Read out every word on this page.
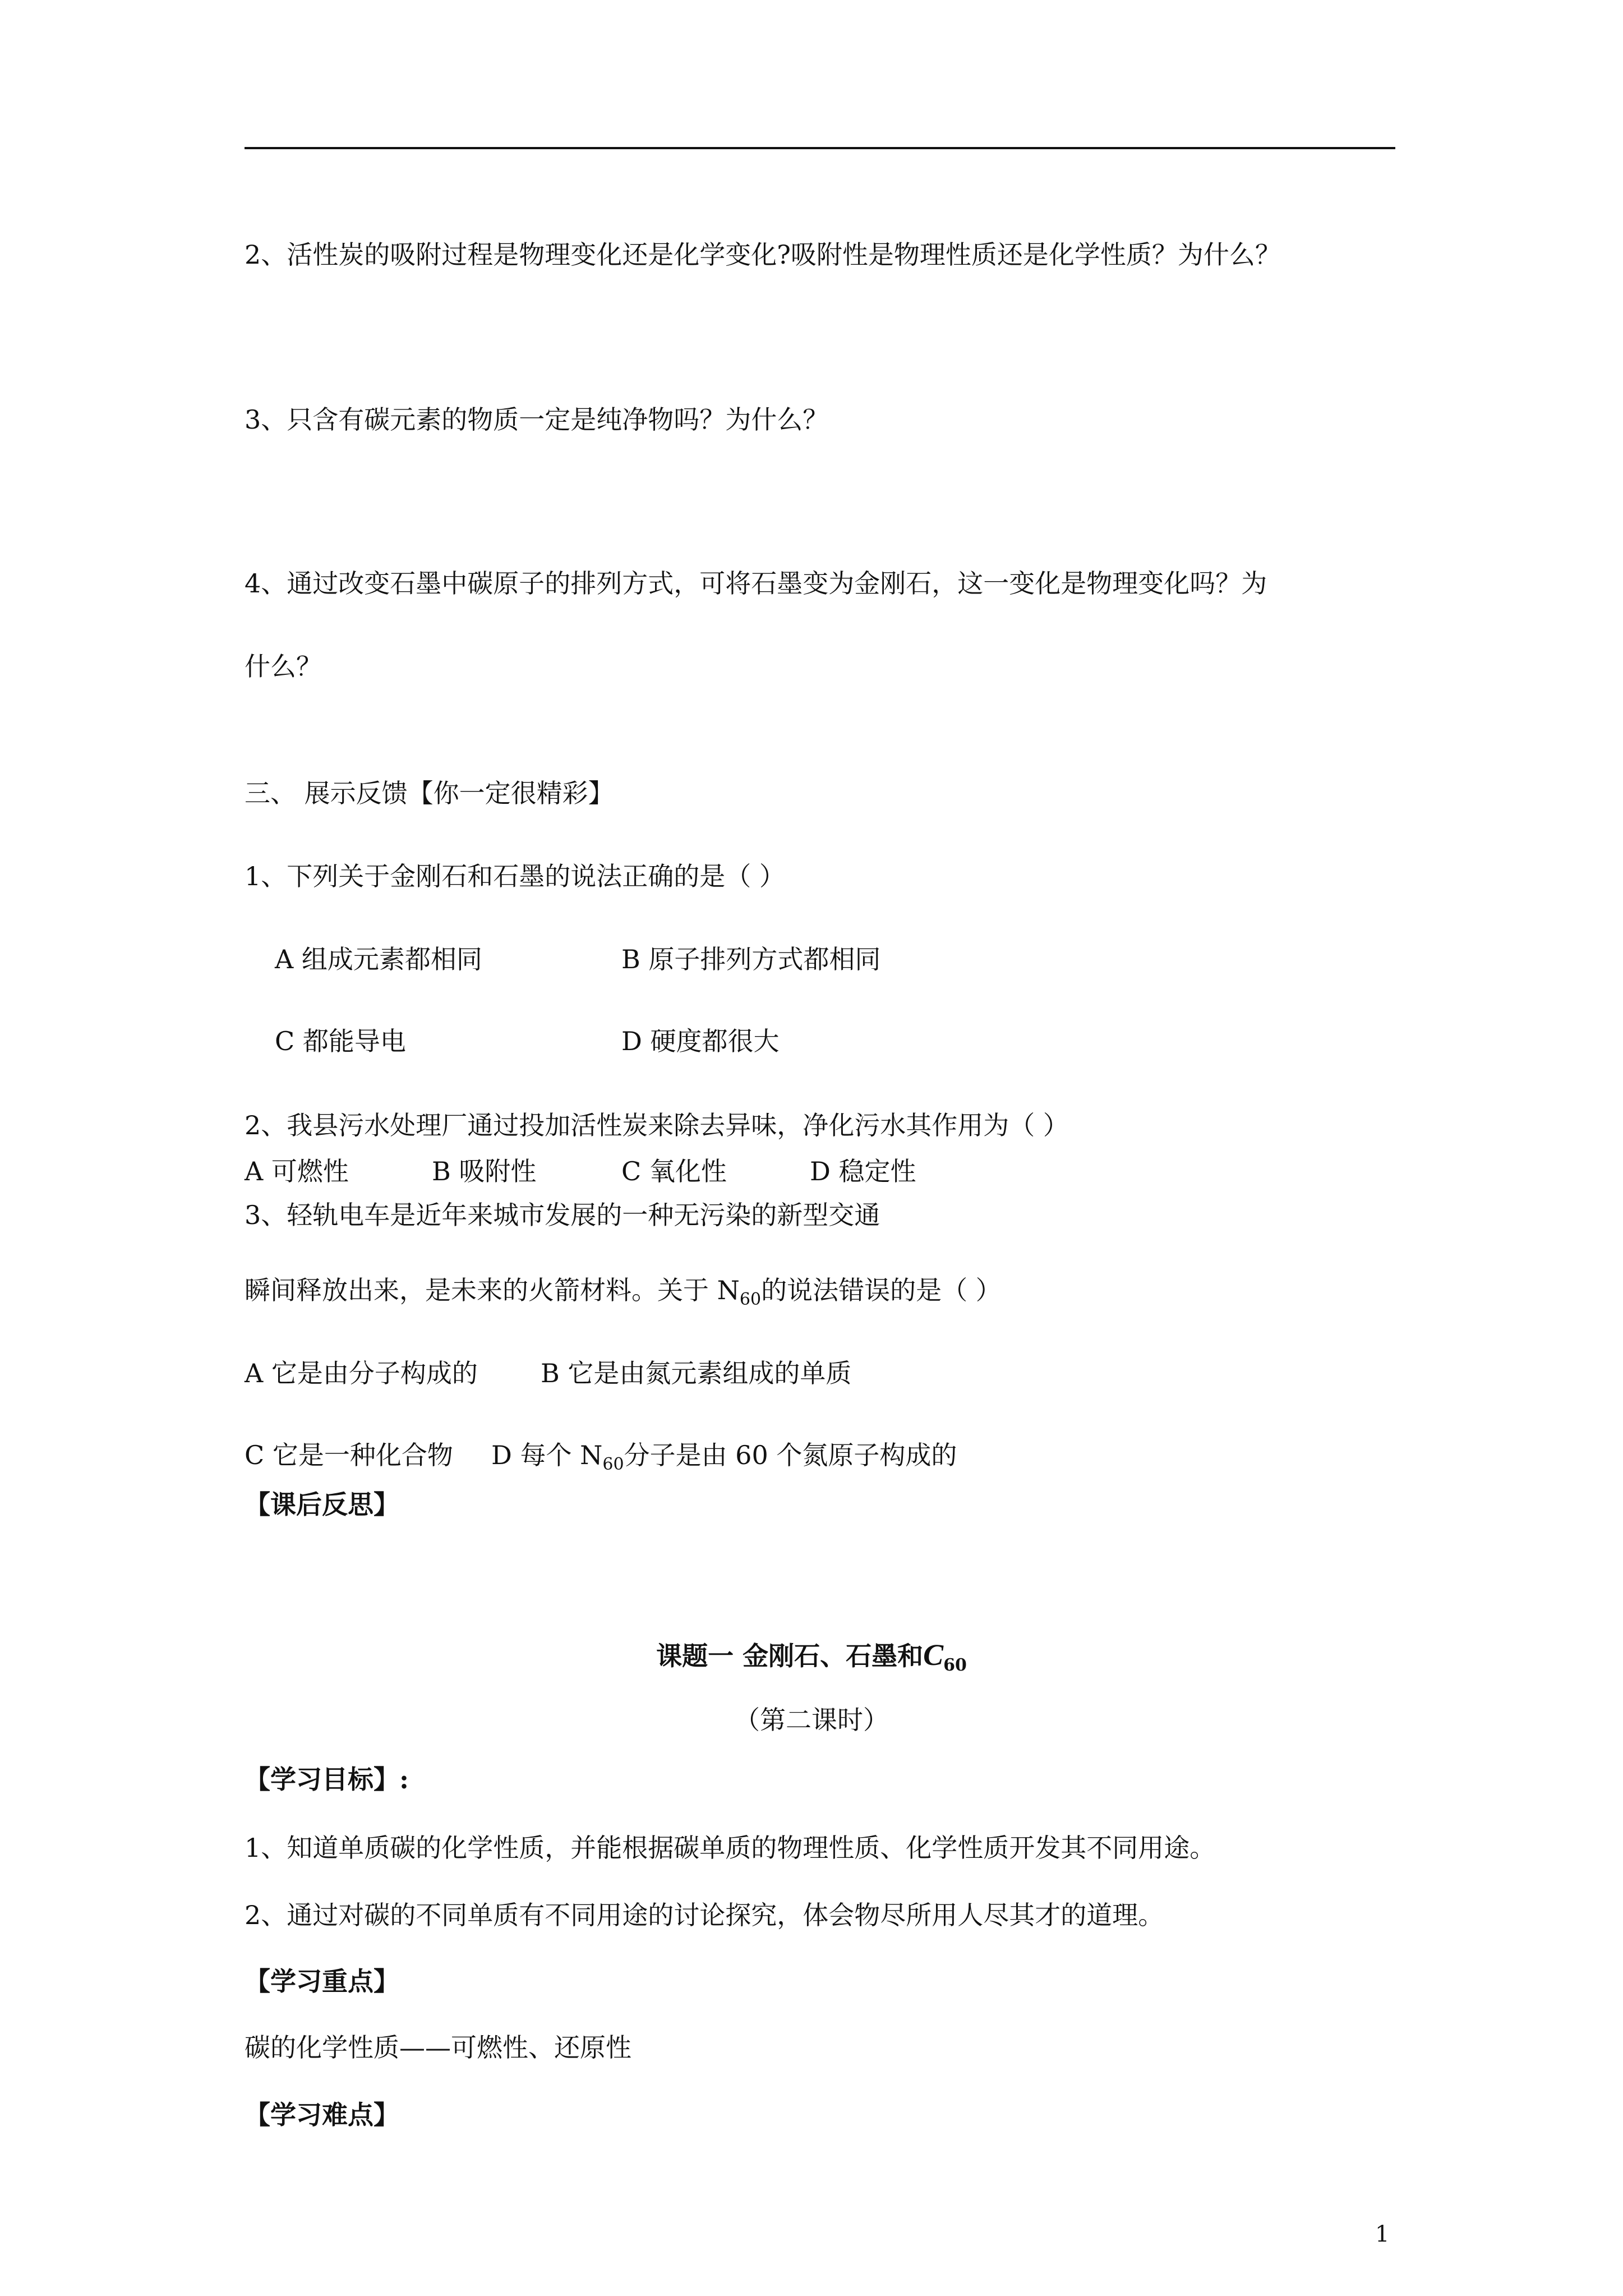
2、活性炭的吸附过程是物理变化还是化学变化?吸附性是物理性质还是化学性质？为什么？
3、只含有碳元素的物质一定是纯净物吗？为什么？
4、通过改变石墨中碳原子的排列方式，可将石墨变为金刚石，这一变化是物理变化吗？为
什么？
三、 展示反馈【你一定很精彩】
1、下列关于金刚石和石墨的说法正确的是（ ）
A 组成元素都相同	B 原子排列方式都相同
C 都能导电	D 硬度都很大
2、我县污水处理厂通过投加活性炭来除去异味，净化污水其作用为（ ）
A 可燃性	B 吸附性	C 氧化性	D 稳定性
3、轻轨电车是近年来城市发展的一种无污染的新型交通
瞬间释放出来，是未来的火箭材料。关于 $N_{60}$的说法错误的是（ ）
A 它是由分子构成的 B 它是由氮元素组成的单质
C 它是一种化合物 D 每个 $N_{60}$分子是由 60 个氮原子构成的
【课后反思】
课题一 金刚石、石墨和$C_{60}$
（第二课时）
【学习目标】:
1、知道单质碳的化学性质，并能根据碳单质的物理性质、化学性质开发其不同用途。
2、通过对碳的不同单质有不同用途的讨论探究，体会物尽所用人尽其才的道理。
【学习重点】
碳的化学性质——可燃性、还原性
【学习难点】
1
